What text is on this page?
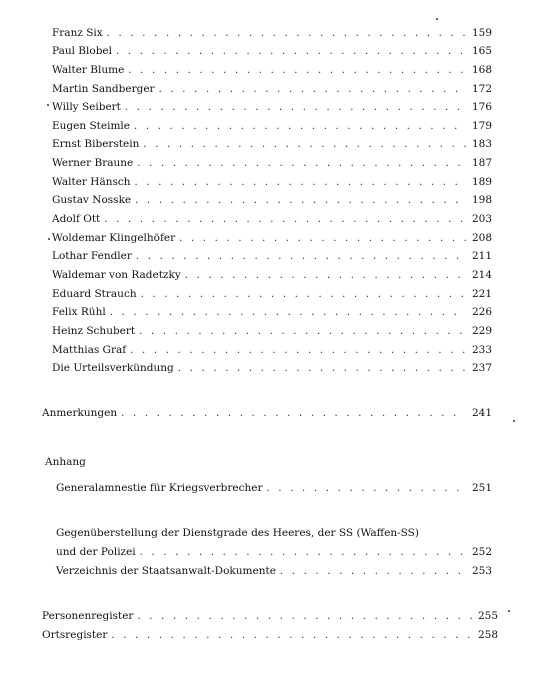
Franz Six . . .	159
Paul Blobel . . .	165
Walter Blume . . .	168
Martin Sandberger . . .	172
Willy Seibert . . .	176
Eugen Steimle . . .	179
Ernst Biberstein . . .	183
Werner Braune . . .	187
Walter Hänsch . . .	189
Gustav Nosske . . .	198
Adolf Ott . . .	203
Woldemar Klingelhöfer . . .	208
Lothar Fendler . . .	211
Waldemar von Radetzky . . .	214
Eduard Strauch . . .	221
Felix Rühl . . .	226
Heinz Schubert . . .	229
Matthias Graf . . .	233
Die Urteilsverkündung . . .	237
Anmerkungen . . .	241
Anhang
Generalamnestie für Kriegsverbrecher . . .	251
Gegenüberstellung der Dienstgrade des Heeres, der SS (Waffen-SS)
und der Polizei . . .	252
Verzeichnis der Staatsanwalt-Dokumente . . .	253
Personenregister . . .	255
Ortsregister . . .	258
